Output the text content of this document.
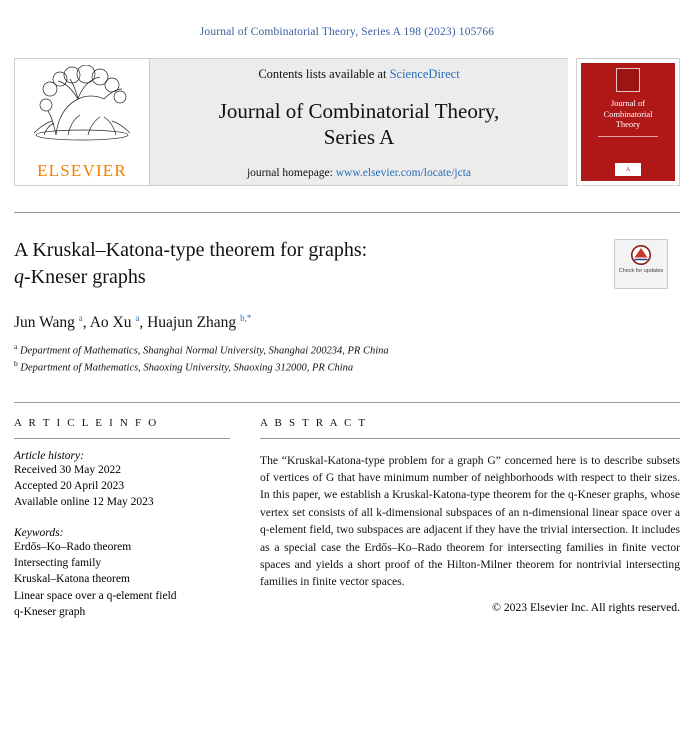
Journal of Combinatorial Theory, Series A 198 (2023) 105766
ELSEVIER
Contents lists available at ScienceDirect
Journal of Combinatorial Theory,
Series A
journal homepage: www.elsevier.com/locate/jcta
Journal of
Combinatorial
Theory
A
A Kruskal–Katona-type theorem for graphs:
q-Kneser graphs	Check for updates
Jun Wang $^a$, Ao Xu $^a$, Huajun Zhang $^{b,*}$
$^a$ Department of Mathematics, Shanghai Normal University, Shanghai 200234, PR China
$^b$ Department of Mathematics, Shaoxing University, Shaoxing 312000, PR China
A R T I C L E I N F O
Article history:
Received 30 May 2022
Accepted 20 April 2023
Available online 12 May 2023
Keywords:
Erdős–Ko–Rado theorem
Intersecting family
Kruskal–Katona theorem
Linear space over a q-element field
q-Kneser graph
A B S T R A C T
The “Kruskal-Katona-type problem for a graph G” concerned here is to describe subsets of vertices of G that have minimum number of neighborhoods with respect to their sizes. In this paper, we establish a Kruskal-Katona-type theorem for the q-Kneser graphs, whose vertex set consists of all k-dimensional subspaces of an n-dimensional linear space over a q-element field, two subspaces are adjacent if they have the trivial intersection. It includes as a special case the Erdős–Ko–Rado theorem for intersecting families in finite vector spaces and yields a short proof of the Hilton-Milner theorem for nontrivial intersecting families in finite vector spaces.
© 2023 Elsevier Inc. All rights reserved.
